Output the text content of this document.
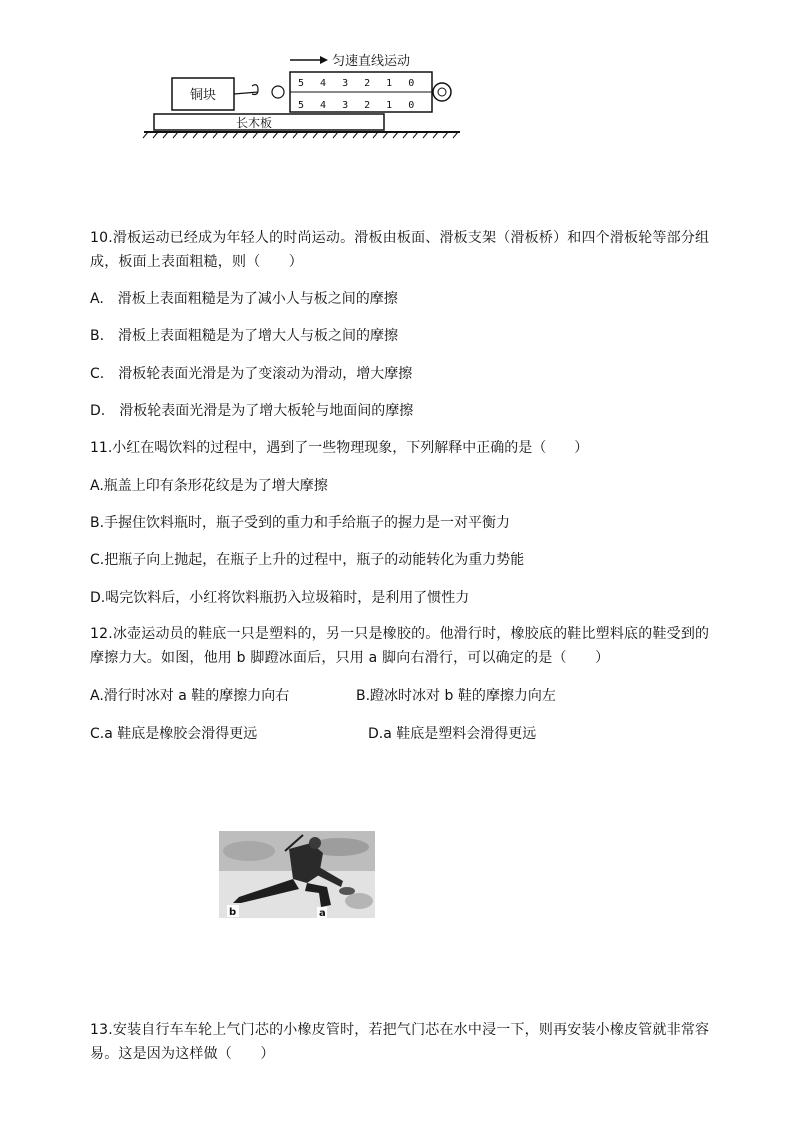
匀速直线运动
铜块
5 4 3 2 1 0
5 4 3 2 1 0
长木板
10.滑板运动已经成为年轻人的时尚运动。滑板由板面、滑板支架（滑板桥）和四个滑板轮等部分组
成，板面上表面粗糙，则（　　）
A.　滑板上表面粗糙是为了减小人与板之间的摩擦
B.　滑板上表面粗糙是为了增大人与板之间的摩擦
C.　滑板轮表面光滑是为了变滚动为滑动，增大摩擦
D.　滑板轮表面光滑是为了增大板轮与地面间的摩擦
11.小红在喝饮料的过程中，遇到了一些物理现象，下列解释中正确的是（　　）
A.瓶盖上印有条形花纹是为了增大摩擦
B.手握住饮料瓶时，瓶子受到的重力和手给瓶子的握力是一对平衡力
C.把瓶子向上抛起，在瓶子上升的过程中，瓶子的动能转化为重力势能
D.喝完饮料后，小红将饮料瓶扔入垃圾箱时，是利用了惯性力
12.冰壶运动员的鞋底一只是塑料的，另一只是橡胶的。他滑行时，橡胶底的鞋比塑料底的鞋受到的
摩擦力大。如图，他用 b 脚蹬冰面后，只用 a 脚向右滑行，可以确定的是（　　）
A.滑行时冰对 a 鞋的摩擦力向右	B.蹬冰时冰对 b 鞋的摩擦力向左
C.a 鞋底是橡胶会滑得更远	D.a 鞋底是塑料会滑得更远
b	a
13.安装自行车车轮上气门芯的小橡皮管时，若把气门芯在水中浸一下，则再安装小橡皮管就非常容
易。这是因为这样做（　　）
